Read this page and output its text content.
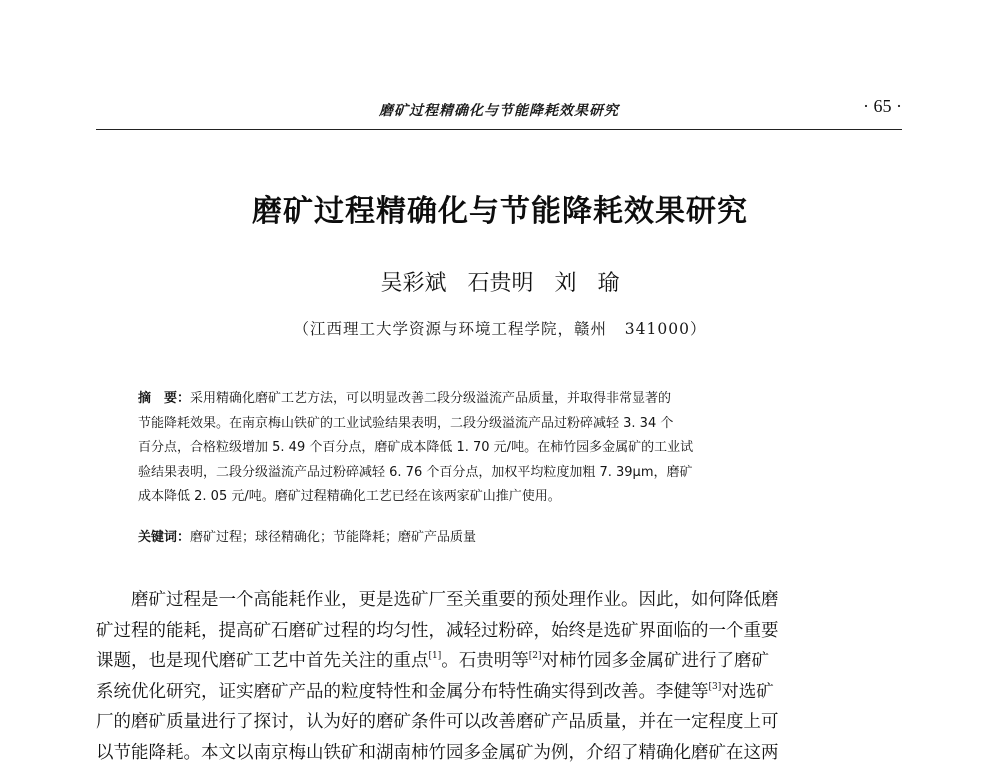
磨矿过程精确化与节能降耗效果研究	· 65 ·
磨矿过程精确化与节能降耗效果研究
吴彩斌   石贵明   刘   瑜
（江西理工大学资源与环境工程学院，赣州   341000）
摘　要：采用精确化磨矿工艺方法，可以明显改善二段分级溢流产品质量，并取得非常显著的
节能降耗效果。在南京梅山铁矿的工业试验结果表明，二段分级溢流产品过粉碎减轻 3. 34 个
百分点，合格粒级增加 5. 49 个百分点，磨矿成本降低 1. 70 元/吨。在柿竹园多金属矿的工业试
验结果表明，二段分级溢流产品过粉碎减轻 6. 76 个百分点，加权平均粒度加粗 7. 39μm，磨矿
成本降低 2. 05 元/吨。磨矿过程精确化工艺已经在该两家矿山推广使用。
关键词：磨矿过程；球径精确化；节能降耗；磨矿产品质量
　　磨矿过程是一个高能耗作业，更是选矿厂至关重要的预处理作业。因此，如何降低磨
矿过程的能耗，提高矿石磨矿过程的均匀性，减轻过粉碎，始终是选矿界面临的一个重要
课题，也是现代磨矿工艺中首先关注的重点[1]。石贵明等[2]对柿竹园多金属矿进行了磨矿
系统优化研究，证实磨矿产品的粒度特性和金属分布特性确实得到改善。李健等[3]对选矿
厂的磨矿质量进行了探讨，认为好的磨矿条件可以改善磨矿产品质量，并在一定程度上可
以节能降耗。本文以南京梅山铁矿和湖南柿竹园多金属矿为例，介绍了精确化磨矿在这两
